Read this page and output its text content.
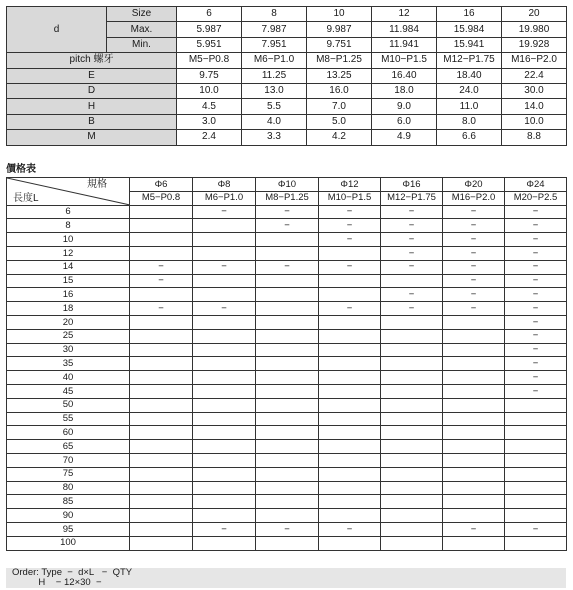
d	Size	6	8	10	12	16	20
	Max.	5.987	7.987	9.987	11.984	15.984	19.980
	Min.	5.951	7.951	9.751	11.941	15.941	19.928
pitch 螺牙		M5−P0.8	M6−P1.0	M8−P1.25	M10−P1.5	M12−P1.75	M16−P2.0
E		9.75	11.25	13.25	16.40	18.40	22.4
D		10.0	13.0	16.0	18.0	24.0	30.0
H		4.5	5.5	7.0	9.0	11.0	14.0
B		3.0	4.0	5.0	6.0	8.0	10.0
M		2.4	3.3	4.2	4.9	6.6	8.8
價格表
規格
長度L	Φ6	Φ8	Φ10	Φ12	Φ16	Φ20	Φ24
	M5−P0.8	M6−P1.0	M8−P1.25	M10−P1.5	M12−P1.75	M16−P2.0	M20−P2.5
6		−	−	−	−	−	−
8			−	−	−	−	−
10				−	−	−	−
12					−	−	−
14	−	−	−	−	−	−	−
15	−					−	−
16					−	−	−
18	−	−		−	−	−	−
20							−
25							−
30							−
35							−
40							−
45							−
50							
55							
60							
65							
70							
75							
80							
85							
90							
95		−	−	−		−	−
100							
Order: Type  −  d×L   −  QTY
H    − 12×30  −
